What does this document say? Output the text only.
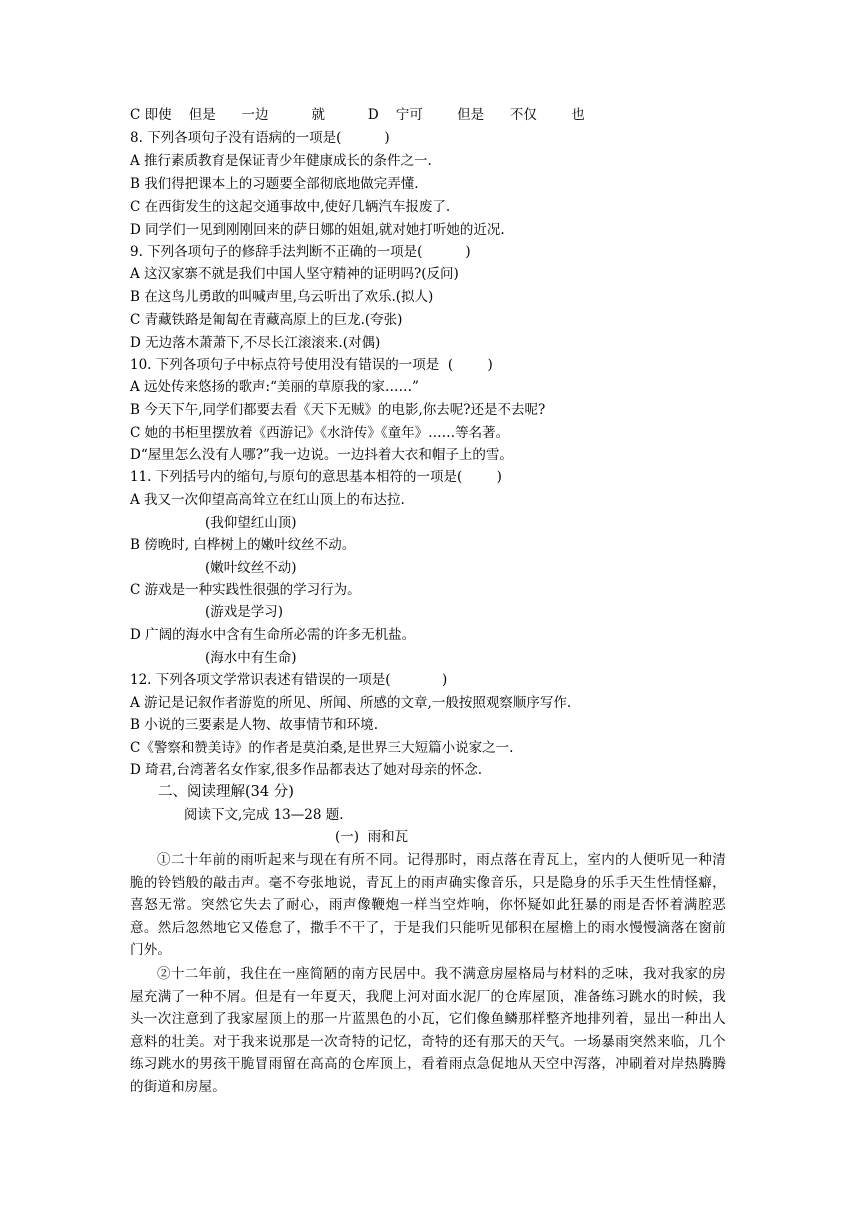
C 即使    但是      一边          就          D    宁可        但是      不仅        也
8. 下列各项句子没有语病的一项是(          )
A 推行素质教育是保证青少年健康成长的条件之一.
B 我们得把课本上的习题要全部彻底地做完弄懂.
C 在西街发生的这起交通事故中,使好几辆汽车报废了.
D 同学们一见到刚刚回来的萨日娜的姐姐,就对她打听她的近况.
9. 下列各项句子的修辞手法判断不正确的一项是(          )
A 这汉家寨不就是我们中国人坚守精神的证明吗?(反问)
B 在这鸟儿勇敢的叫喊声里,乌云听出了欢乐.(拟人)
C 青藏铁路是匍匐在青藏高原上的巨龙.(夸张)
D 无边落木萧萧下,不尽长江滚滚来.(对偶)
10. 下列各项句子中标点符号使用没有错误的一项是  (        )
A 远处传来悠扬的歌声:“美丽的草原我的家……”
B 今天下午,同学们都要去看《天下无贼》的电影,你去呢?还是不去呢?
C 她的书柜里摆放着《西游记》《水浒传》《童年》……等名著。
D“屋里怎么没有人哪?”我一边说。一边抖着大衣和帽子上的雪。
11. 下列括号内的缩句,与原句的意思基本相符的一项是(        )
A 我又一次仰望高高耸立在红山顶上的布达拉.
(我仰望红山顶)
B 傍晚时, 白桦树上的嫩叶纹丝不动。
(嫩叶纹丝不动)
C 游戏是一种实践性很强的学习行为。
(游戏是学习)
D 广阔的海水中含有生命所必需的许多无机盐。
(海水中有生命)
12. 下列各项文学常识表述有错误的一项是(            )
A 游记是记叙作者游览的所见、所闻、所感的文章,一般按照观察顺序写作.
B 小说的三要素是人物、故事情节和环境.
C《警察和赞美诗》的作者是莫泊桑,是世界三大短篇小说家之一.
D 琦君,台湾著名女作家,很多作品都表达了她对母亲的怀念.
二、阅读理解(34 分)
阅读下文,完成 13—28 题.
(一)  雨和瓦
①二十年前的雨听起来与现在有所不同。记得那时，雨点落在青瓦上，室内的人便听见一种清脆的铃铛般的敲击声。毫不夸张地说，青瓦上的雨声确实像音乐，只是隐身的乐手天生性情怪癖，喜怒无常。突然它失去了耐心，雨声像鞭炮一样当空炸响，你怀疑如此狂暴的雨是否怀着满腔恶意。然后忽然地它又倦怠了，撒手不干了，于是我们只能听见郁积在屋檐上的雨水慢慢滴落在窗前门外。
②十二年前，我住在一座简陋的南方民居中。我不满意房屋格局与材料的乏味，我对我家的房屋充满了一种不屑。但是有一年夏天，我爬上河对面水泥厂的仓库屋顶，准备练习跳水的时候，我头一次注意到了我家屋顶上的那一片蓝黑色的小瓦，它们像鱼鳞那样整齐地排列着，显出一种出人意料的壮美。对于我来说那是一次奇特的记忆，奇特的还有那天的天气。一场暴雨突然来临，几个练习跳水的男孩干脆冒雨留在高高的仓库顶上，看着雨点急促地从天空中泻落，冲刷着对岸热腾腾的街道和房屋。
